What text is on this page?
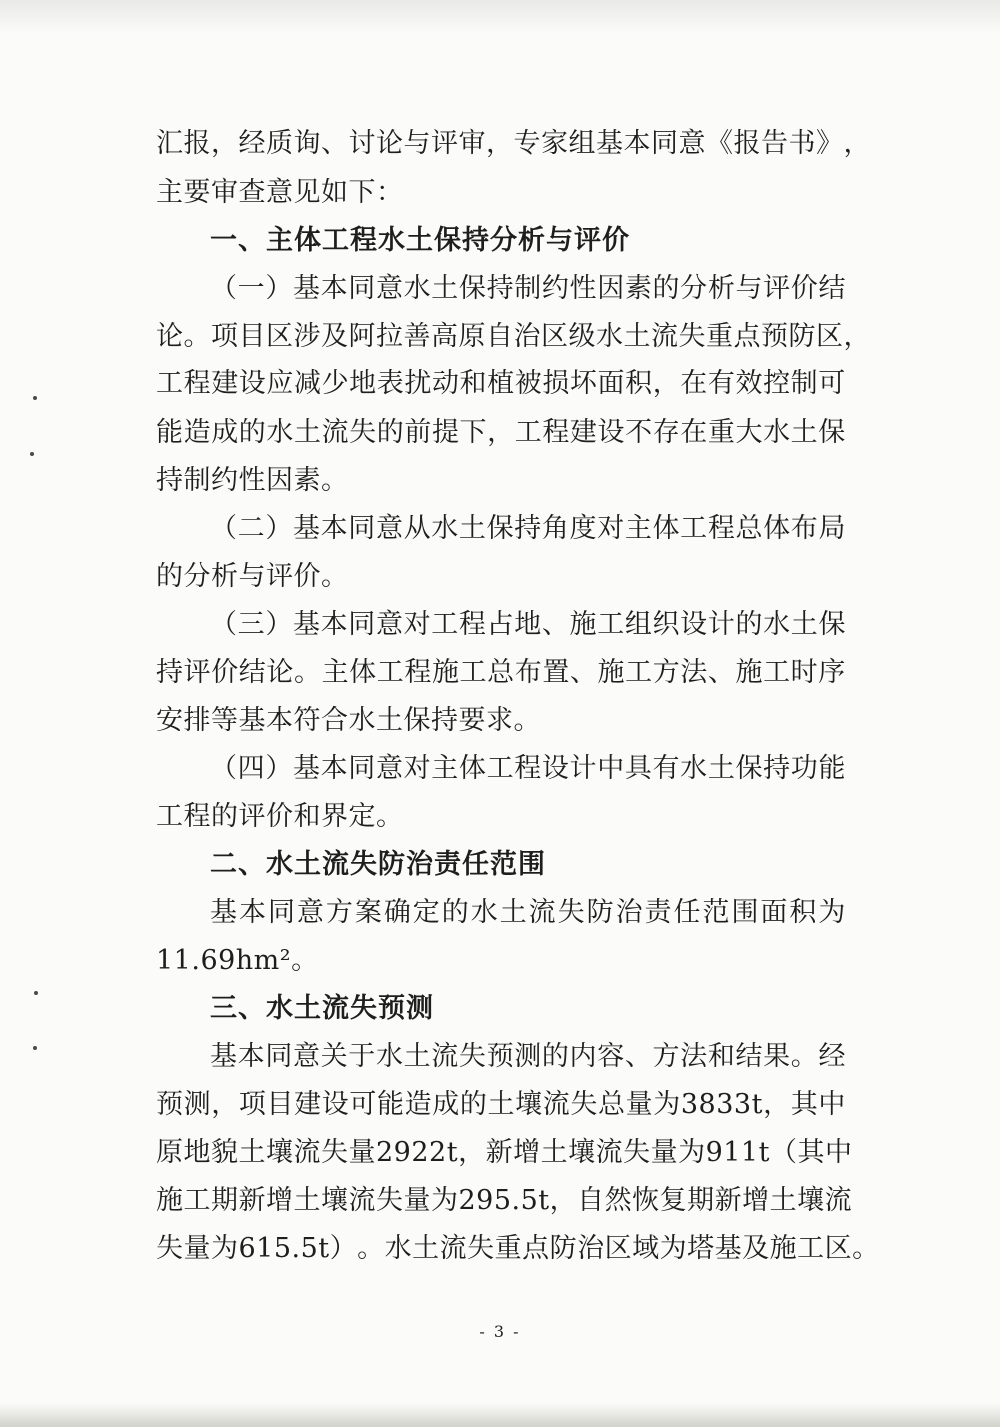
汇 报 ， 经 质 询 、 讨 论 与 评 审 ， 专 家 组 基 本 同 意 《 报 告 书 》 ，
主要审查意见如下：
一、主体工程水土保持分析与评价
（ 一 ） 基 本 同 意 水 土 保 持 制 约 性 因 素 的 分 析 与 评 价 结
论 。 项 目 区 涉 及 阿 拉 善 高 原 自 治 区 级 水 土 流 失 重 点 预 防 区 ，
工 程 建 设 应 减 少 地 表 扰 动 和 植 被 损 坏 面 积 ， 在 有 效 控 制 可
能 造 成 的 水 土 流 失 的 前 提 下 ， 工 程 建 设 不 存 在 重 大 水 土 保
持制约性因素。
（ 二 ） 基 本 同 意 从 水 土 保 持 角 度 对 主 体 工 程 总 体 布 局
的分析与评价。
（ 三 ） 基 本 同 意 对 工 程 占 地 、 施 工 组 织 设 计 的 水 土 保
持 评 价 结 论 。 主 体 工 程 施 工 总 布 置 、 施 工 方 法 、 施 工 时 序
安排等基本符合水土保持要求。
（ 四 ） 基 本 同 意 对 主 体 工 程 设 计 中 具 有 水 土 保 持 功 能
工程的评价和界定。
二、水土流失防治责任范围
基 本 同 意 方 案 确 定 的 水 土 流 失 防 治 责 任 范 围 面 积 为
11.69hm²。
三、水土流失预测
基 本 同 意 关 于 水 土 流 失 预 测 的 内 容 、 方 法 和 结 果 。 经
预 测 ， 项 目 建 设 可 能 造 成 的 土 壤 流 失 总 量 为 3833t ， 其 中
原 地 貌 土 壤 流 失 量 2922t ， 新 增 土 壤 流 失 量 为 911t （ 其 中
施 工 期 新 增 土 壤 流 失 量 为 295.5t ， 自 然 恢 复 期 新 增 土 壤 流
失 量 为 615.5t ） 。 水 土 流 失 重 点 防 治 区 域 为 塔 基 及 施 工 区 。
- 3 -
